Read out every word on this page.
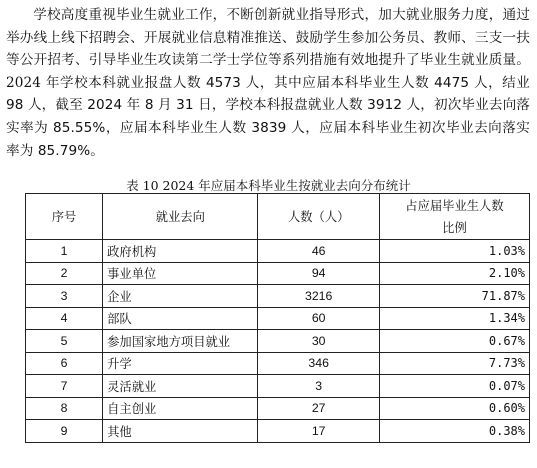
学校高度重视毕业生就业工作，不断创新就业指导形式，加大就业服务力度，通过举办线上线下招聘会、开展就业信息精准推送、鼓励学生参加公务员、教师、三支一扶等公开招考、引导毕业生攻读第二学士学位等系列措施有效地提升了毕业生就业质量。2024 年学校本科就业报盘人数 4573 人，其中应届本科毕业生人数 4475 人，结业 98 人，截至 2024 年 8 月 31 日，学校本科报盘就业人数 3912 人，初次毕业去向落实率为 85.55%，应届本科毕业生人数 3839 人，应届本科毕业生初次毕业去向落实率为 85.79%。

表 10 2024 年应届本科毕业生按就业去向分布统计

序号	就业去向	人数（人）	占应届毕业生人数
比例
1	政府机构	46	1.03%
2	事业单位	94	2.10%
3	企业	3216	71.87%
4	部队	60	1.34%
5	参加国家地方项目就业	30	0.67%
6	升学	346	7.73%
7	灵活就业	3	0.07%
8	自主创业	27	0.60%
9	其他	17	0.38%
